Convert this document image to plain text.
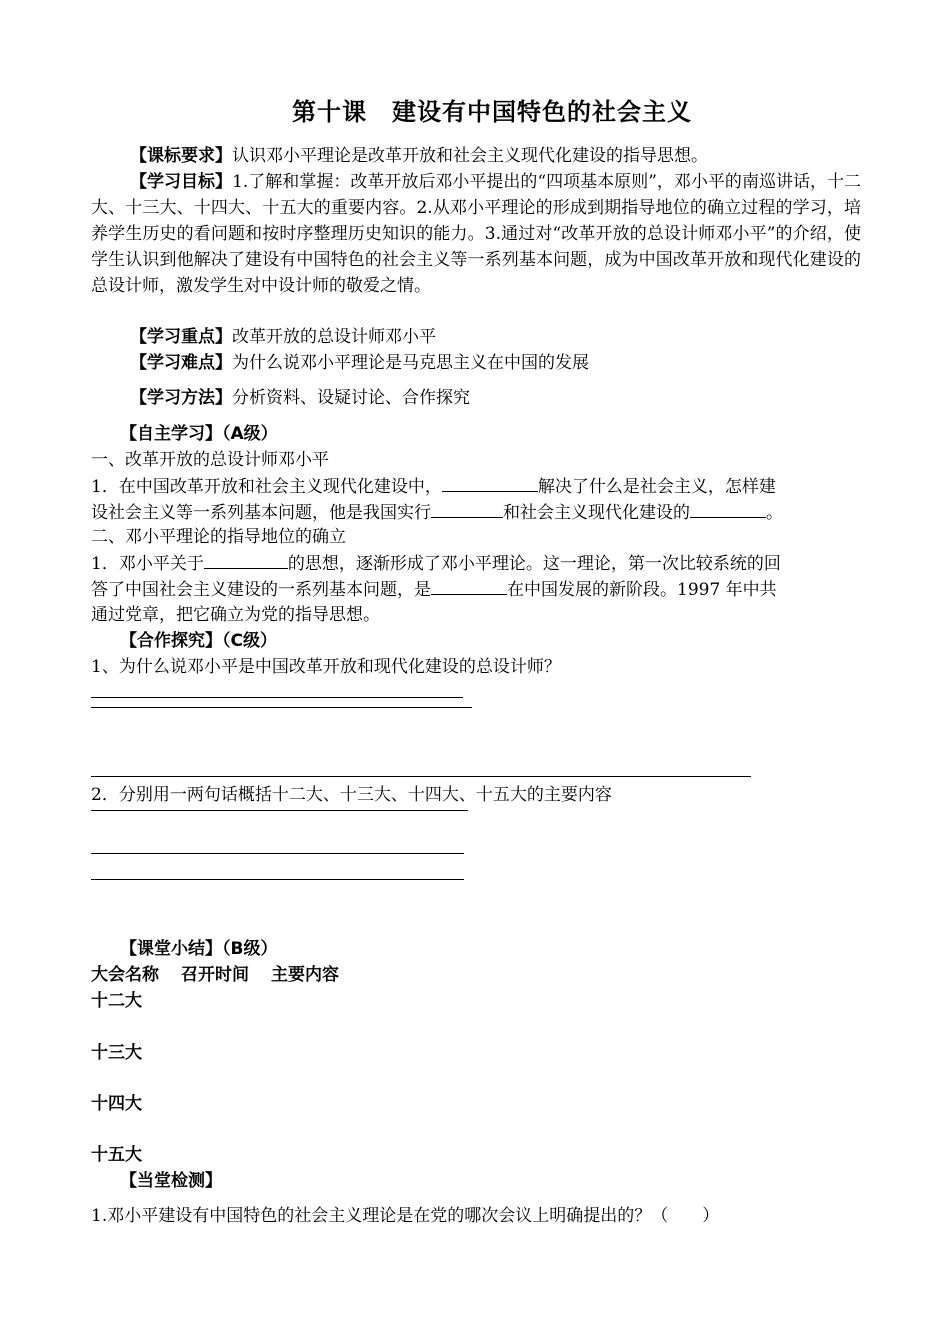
第十课　建设有中国特色的社会主义
【课标要求】认识邓小平理论是改革开放和社会主义现代化建设的指导思想。
【学习目标】1.了解和掌握：改革开放后邓小平提出的“四项基本原则”，邓小平的南巡讲话，十二大、十三大、十四大、十五大的重要内容。2.从邓小平理论的形成到期指导地位的确立过程的学习，培养学生历史的看问题和按时序整理历史知识的能力。3.通过对“改革开放的总设计师邓小平”的介绍，使学生认识到他解决了建设有中国特色的社会主义等一系列基本问题，成为中国改革开放和现代化建设的总设计师，激发学生对中设计师的敬爱之情。
【学习重点】改革开放的总设计师邓小平
【学习难点】为什么说邓小平理论是马克思主义在中国的发展
【学习方法】分析资料、设疑讨论、合作探究
【自主学习】（A级）
一、改革开放的总设计师邓小平
1．在中国改革开放和社会主义现代化建设中，	解决了什么是社会主义，怎样建
设社会主义等一系列基本问题，他是我国实行	和社会主义现代化建设的	。
二、邓小平理论的指导地位的确立
1．邓小平关于	的思想，逐渐形成了邓小平理论。这一理论，第一次比较系统的回
答了中国社会主义建设的一系列基本问题，是	在中国发展的新阶段。1997 年中共
通过党章，把它确立为党的指导思想。
【合作探究】（C级）
1、为什么说邓小平是中国改革开放和现代化建设的总设计师？
2．分别用一两句话概括十二大、十三大、十四大、十五大的主要内容
【课堂小结】（B级）
大会名称 召开时间 主要内容
十二大
十三大
十四大
十五大
【当堂检测】
1.邓小平建设有中国特色的社会主义理论是在党的哪次会议上明确提出的？（　　）
